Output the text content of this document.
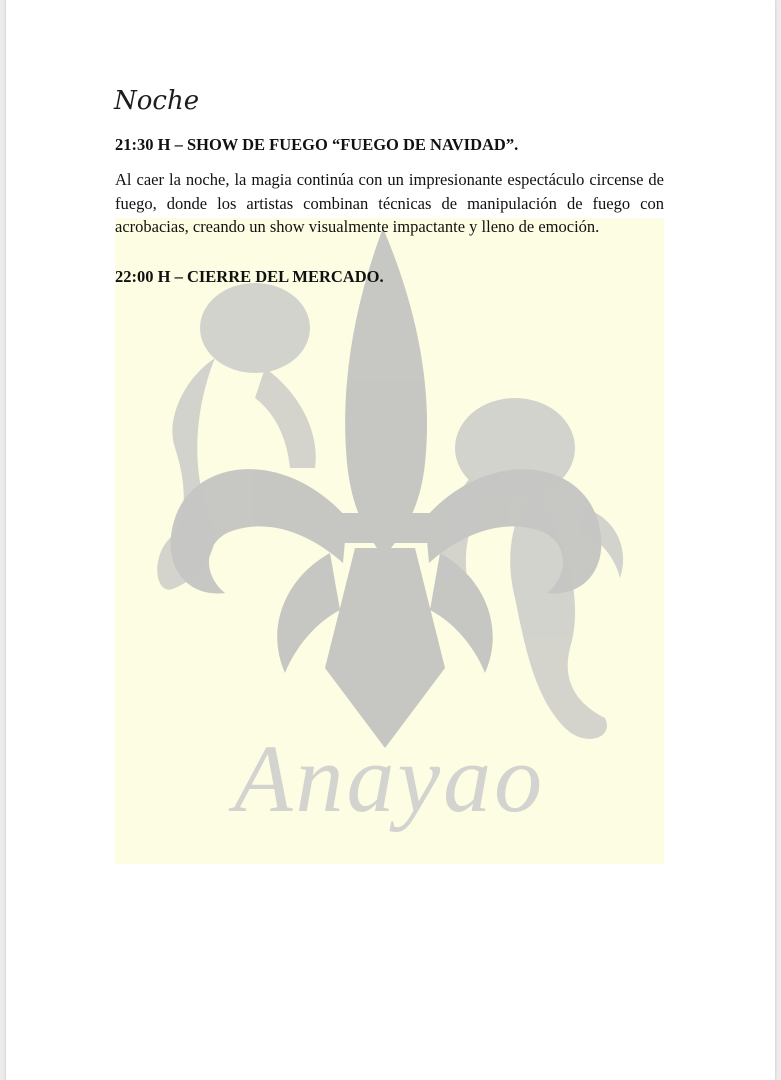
Anayao
Noche
21:30 H – SHOW DE FUEGO “FUEGO DE NAVIDAD”.

Al caer la noche, la magia continúa con un impresionante espectáculo circense de fuego, donde los artistas combinan técnicas de manipulación de fuego con acrobacias, creando un show visualmente impactante y lleno de emoción.

22:00 H – CIERRE DEL MERCADO.
